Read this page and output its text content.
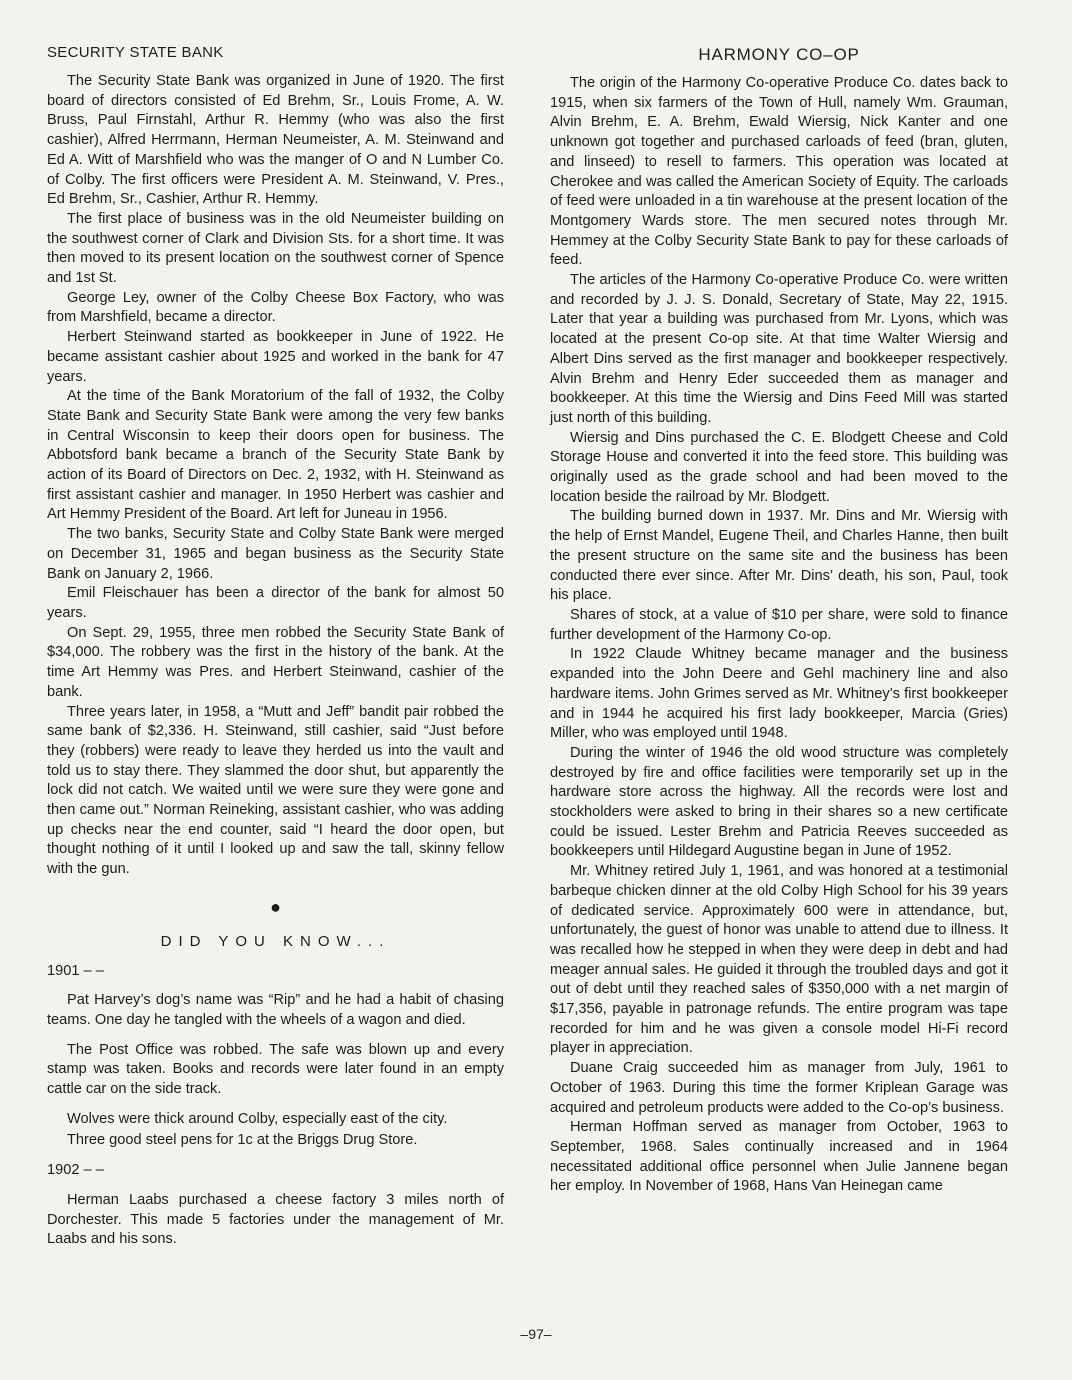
SECURITY STATE BANK

The Security State Bank was organized in June of 1920. The first board of directors consisted of Ed Brehm, Sr., Louis Frome, A. W. Bruss, Paul Firnstahl, Arthur R. Hemmy (who was also the first cashier), Alfred Herrmann, Herman Neumeister, A. M. Steinwand and Ed A. Witt of Marshfield who was the manger of O and N Lumber Co. of Colby. The first officers were President A. M. Steinwand, V. Pres., Ed Brehm, Sr., Cashier, Arthur R. Hemmy.

The first place of business was in the old Neumeister building on the southwest corner of Clark and Division Sts. for a short time. It was then moved to its present location on the southwest corner of Spence and 1st St.

George Ley, owner of the Colby Cheese Box Factory, who was from Marshfield, became a director.

Herbert Steinwand started as bookkeeper in June of 1922. He became assistant cashier about 1925 and worked in the bank for 47 years.

At the time of the Bank Moratorium of the fall of 1932, the Colby State Bank and Security State Bank were among the very few banks in Central Wisconsin to keep their doors open for business. The Abbotsford bank became a branch of the Security State Bank by action of its Board of Directors on Dec. 2, 1932, with H. Steinwand as first assistant cashier and manager. In 1950 Herbert was cashier and Art Hemmy President of the Board. Art left for Juneau in 1956.

The two banks, Security State and Colby State Bank were merged on December 31, 1965 and began business as the Security State Bank on January 2, 1966.

Emil Fleischauer has been a director of the bank for almost 50 years.

On Sept. 29, 1955, three men robbed the Security State Bank of $34,000. The robbery was the first in the history of the bank. At the time Art Hemmy was Pres. and Herbert Steinwand, cashier of the bank.

Three years later, in 1958, a “Mutt and Jeff” bandit pair robbed the same bank of $2,336. H. Steinwand, still cashier, said “Just before they (robbers) were ready to leave they herded us into the vault and told us to stay there. They slammed the door shut, but apparently the lock did not catch. We waited until we were sure they were gone and then came out.” Norman Reineking, assistant cashier, who was adding up checks near the end counter, said “I heard the door open, but thought nothing of it until I looked up and saw the tall, skinny fellow with the gun.

●
DID YOU KNOW...
1901 – –

Pat Harvey’s dog’s name was “Rip” and he had a habit of chasing teams. One day he tangled with the wheels of a wagon and died.

The Post Office was robbed. The safe was blown up and every stamp was taken. Books and records were later found in an empty cattle car on the side track.

Wolves were thick around Colby, especially east of the city.

Three good steel pens for 1c at the Briggs Drug Store.

1902 – –

Herman Laabs purchased a cheese factory 3 miles north of Dorchester. This made 5 factories under the management of Mr. Laabs and his sons.

HARMONY CO–OP

The origin of the Harmony Co-operative Produce Co. dates back to 1915, when six farmers of the Town of Hull, namely Wm. Grauman, Alvin Brehm, E. A. Brehm, Ewald Wiersig, Nick Kanter and one unknown got together and purchased carloads of feed (bran, gluten, and linseed) to resell to farmers. This operation was located at Cherokee and was called the American Society of Equity. The carloads of feed were unloaded in a tin warehouse at the present location of the Montgomery Wards store. The men secured notes through Mr. Hemmey at the Colby Security State Bank to pay for these carloads of feed.

The articles of the Harmony Co-operative Produce Co. were written and recorded by J. J. S. Donald, Secretary of State, May 22, 1915. Later that year a building was purchased from Mr. Lyons, which was located at the present Co-op site. At that time Walter Wiersig and Albert Dins served as the first manager and bookkeeper respectively. Alvin Brehm and Henry Eder succeeded them as manager and bookkeeper. At this time the Wiersig and Dins Feed Mill was started just north of this building.

Wiersig and Dins purchased the C. E. Blodgett Cheese and Cold Storage House and converted it into the feed store. This building was originally used as the grade school and had been moved to the location beside the railroad by Mr. Blodgett.

The building burned down in 1937. Mr. Dins and Mr. Wiersig with the help of Ernst Mandel, Eugene Theil, and Charles Hanne, then built the present structure on the same site and the business has been conducted there ever since. After Mr. Dins’ death, his son, Paul, took his place.

Shares of stock, at a value of $10 per share, were sold to finance further development of the Harmony Co-op.

In 1922 Claude Whitney became manager and the business expanded into the John Deere and Gehl machinery line and also hardware items. John Grimes served as Mr. Whitney’s first bookkeeper and in 1944 he acquired his first lady bookkeeper, Marcia (Gries) Miller, who was employed until 1948.

During the winter of 1946 the old wood structure was completely destroyed by fire and office facilities were temporarily set up in the hardware store across the highway. All the records were lost and stockholders were asked to bring in their shares so a new certificate could be issued. Lester Brehm and Patricia Reeves succeeded as bookkeepers until Hildegard Augustine began in June of 1952.

Mr. Whitney retired July 1, 1961, and was honored at a testimonial barbeque chicken dinner at the old Colby High School for his 39 years of dedicated service. Approximately 600 were in attendance, but, unfortunately, the guest of honor was unable to attend due to illness. It was recalled how he stepped in when they were deep in debt and had meager annual sales. He guided it through the troubled days and got it out of debt until they reached sales of $350,000 with a net margin of $17,356, payable in patronage refunds. The entire program was tape recorded for him and he was given a console model Hi-Fi record player in appreciation.

Duane Craig succeeded him as manager from July, 1961 to October of 1963. During this time the former Kriplean Garage was acquired and petroleum products were added to the Co-op’s business.

Herman Hoffman served as manager from October, 1963 to September, 1968. Sales continually increased and in 1964 necessitated additional office personnel when Julie Jannene began her employ. In November of 1968, Hans Van Heinegan came

–97–
